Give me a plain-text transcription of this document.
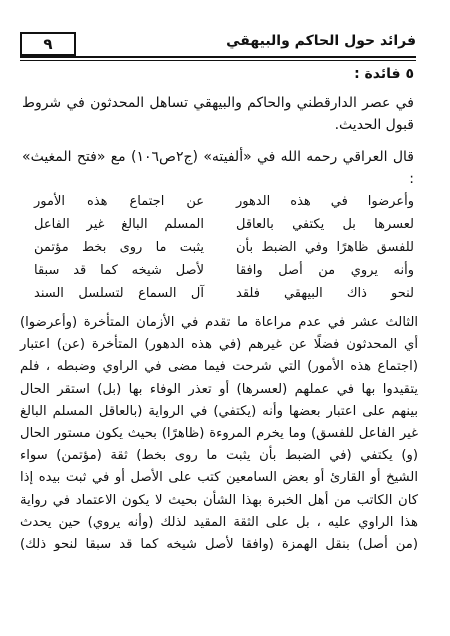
٩	فرائد حول الحاكم والبيهقي
٥ فائدة :
في عصر الدارقطني والحاكم والبيهقي تساهل المحدثون في شروط قبول الحديث.
قال العراقي رحمه الله في «ألفيته» (ج٢ص١٠٦) مع «فتح المغيث» :
وأعرضوا في هذه الدهور
عن اجتماع هذه الأمور
لعسرها بل يكتفي بالعاقل
المسلم البالغ غير الفاعل
للفسق ظاهرًا وفي الضبط بأن
يثبت ما روى بخط مؤتمن
وأنه يروي من أصل وافقا
لأصل شيخه كما قد سبقا
لنحو ذاك البيهقي فلقد
آل السماع لتسلسل السند
الثالث عشر في عدم مراعاة ما تقدم في الأزمان المتأخرة (وأعرضوا)
أي المحدثون فضلًا عن غيرهم (في هذه الدهور) المتأخرة (عن) اعتبار
(اجتماع هذه الأمور) التي شرحت فيما مضى في الراوي وضبطه ، فلم
يتقيدوا بها في عملهم (لعسرها) أو تعذر الوفاء بها (بل) استقر الحال
بينهم على اعتبار بعضها وأنه (يكتفي) في الرواية (بالعاقل المسلم البالغ
غير الفاعل للفسق) وما يخرم المروءة (ظاهرًا) بحيث يكون مستور الحال
(و) يكتفي (في الضبط بأن يثبت ما روى بخط) ثقة (مؤتمن) سواء
الشيخ أو القارئ أو بعض السامعين كتب على الأصل أو في ثبت بيده إذا
كان الكاتب من أهل الخبرة بهذا الشأن بحيث لا يكون الاعتماد في رواية
هذا الراوي عليه ، بل على الثقة المقيد لذلك (وأنه يروي) حين يحدث
(من أصل) بنقل الهمزة (وافقا لأصل شيخه كما قد سبقا لنحو ذلك)
